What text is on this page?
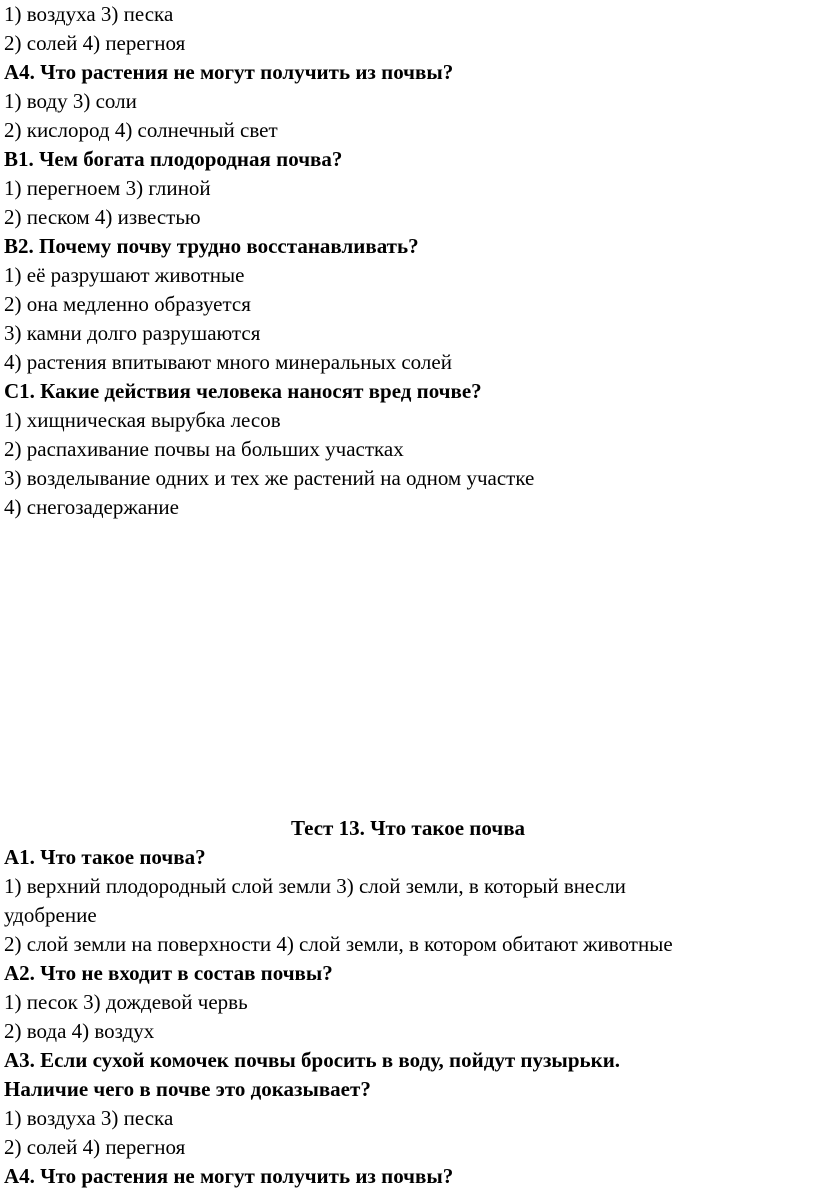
1) воздуха 3) песка
2) солей 4) перегноя
А4. Что растения не могут получить из почвы?
1) воду 3) соли
2) кислород 4) солнечный свет
В1. Чем богата плодородная почва?
1) перегноем 3) глиной
2) песком 4) известью
В2. Почему почву трудно восстанавливать?
1) её разрушают животные
2) она медленно образуется
3) камни долго разрушаются
4) растения впитывают много минеральных солей
С1. Какие действия человека наносят вред почве?
1) хищническая вырубка лесов
2) распахивание почвы на больших участках
3) возделывание одних и тех же растений на одном участке
4) снегозадержание
Тест 13. Что такое почва
А1. Что такое почва?
1) верхний плодородный слой земли 3) слой земли, в который внесли
удобрение
2) слой земли на поверхности 4) слой земли, в котором обитают животные
А2. Что не входит в состав почвы?
1) песок 3) дождевой червь
2) вода 4) воздух
А3. Если сухой комочек почвы бросить в воду, пойдут пузырьки.
Наличие чего в почве это доказывает?
1) воздуха 3) песка
2) солей 4) перегноя
А4. Что растения не могут получить из почвы?
